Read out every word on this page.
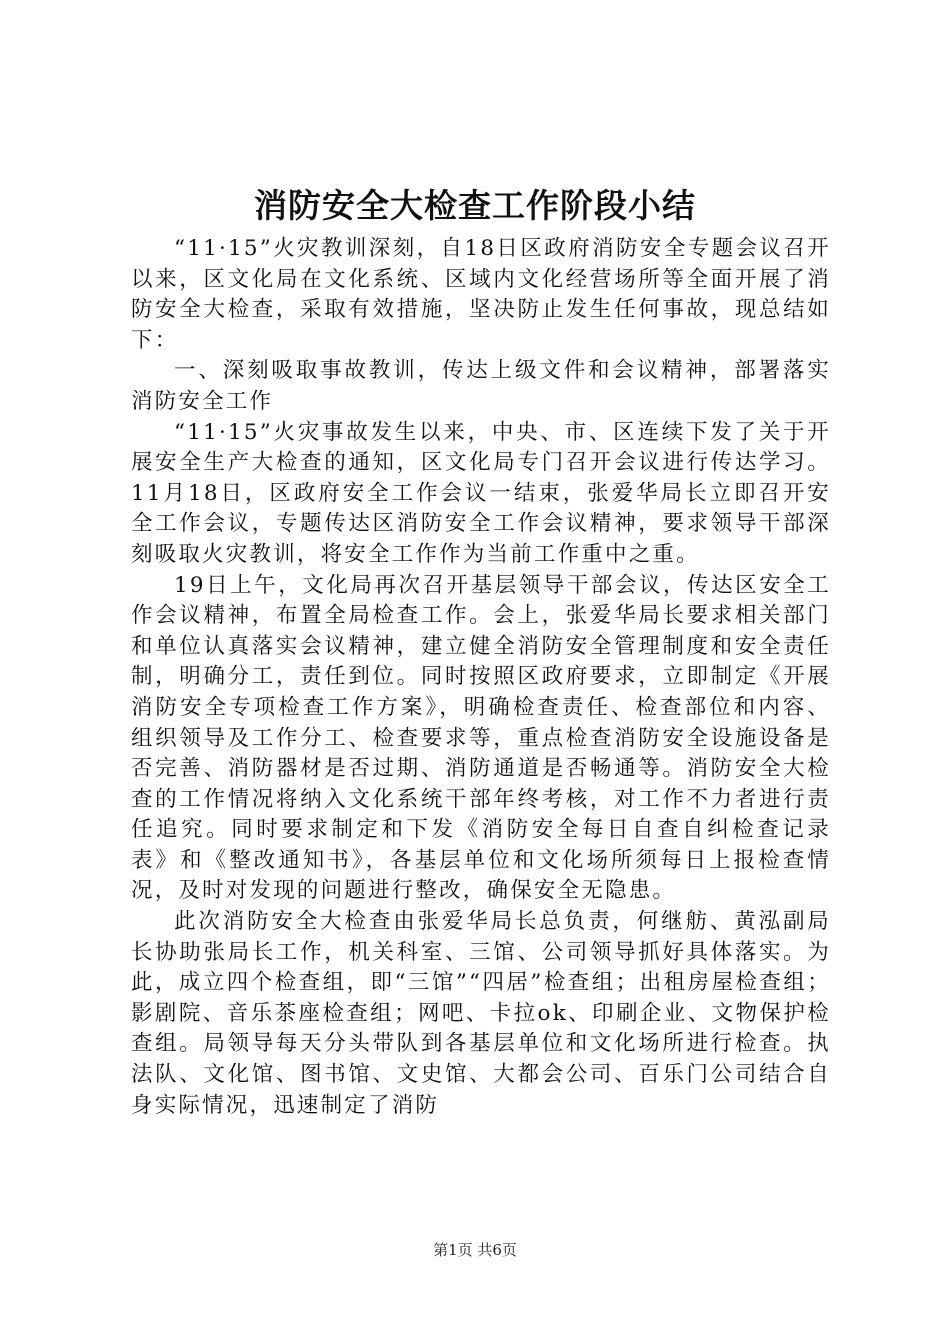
消防安全大检查工作阶段小结

“11·15”火灾教训深刻，自18日区政府消防安全专题会议召开以来，区文化局在文化系统、区域内文化经营场所等全面开展了消防安全大检查，采取有效措施，坚决防止发生任何事故，现总结如下：

一、深刻吸取事故教训，传达上级文件和会议精神，部署落实消防安全工作

“11·15”火灾事故发生以来，中央、市、区连续下发了关于开展安全生产大检查的通知，区文化局专门召开会议进行传达学习。11月18日，区政府安全工作会议一结束，张爱华局长立即召开安全工作会议，专题传达区消防安全工作会议精神，要求领导干部深刻吸取火灾教训，将安全工作作为当前工作重中之重。

19日上午，文化局再次召开基层领导干部会议，传达区安全工作会议精神，布置全局检查工作。会上，张爱华局长要求相关部门和单位认真落实会议精神，建立健全消防安全管理制度和安全责任制，明确分工，责任到位。同时按照区政府要求，立即制定《开展消防安全专项检查工作方案》，明确检查责任、检查部位和内容、组织领导及工作分工、检查要求等，重点检查消防安全设施设备是否完善、消防器材是否过期、消防通道是否畅通等。消防安全大检查的工作情况将纳入文化系统干部年终考核，对工作不力者进行责任追究。同时要求制定和下发《消防安全每日自查自纠检查记录表》和《整改通知书》，各基层单位和文化场所须每日上报检查情况，及时对发现的问题进行整改，确保安全无隐患。

此次消防安全大检查由张爱华局长总负责，何继舫、黄泓副局长协助张局长工作，机关科室、三馆、公司领导抓好具体落实。为此，成立四个检查组，即“三馆”“四居”检查组；出租房屋检查组；影剧院、音乐茶座检查组；网吧、卡拉ok、印刷企业、文物保护检查组。局领导每天分头带队到各基层单位和文化场所进行检查。执法队、文化馆、图书馆、文史馆、大都会公司、百乐门公司结合自身实际情况，迅速制定了消防

第1页 共6页
